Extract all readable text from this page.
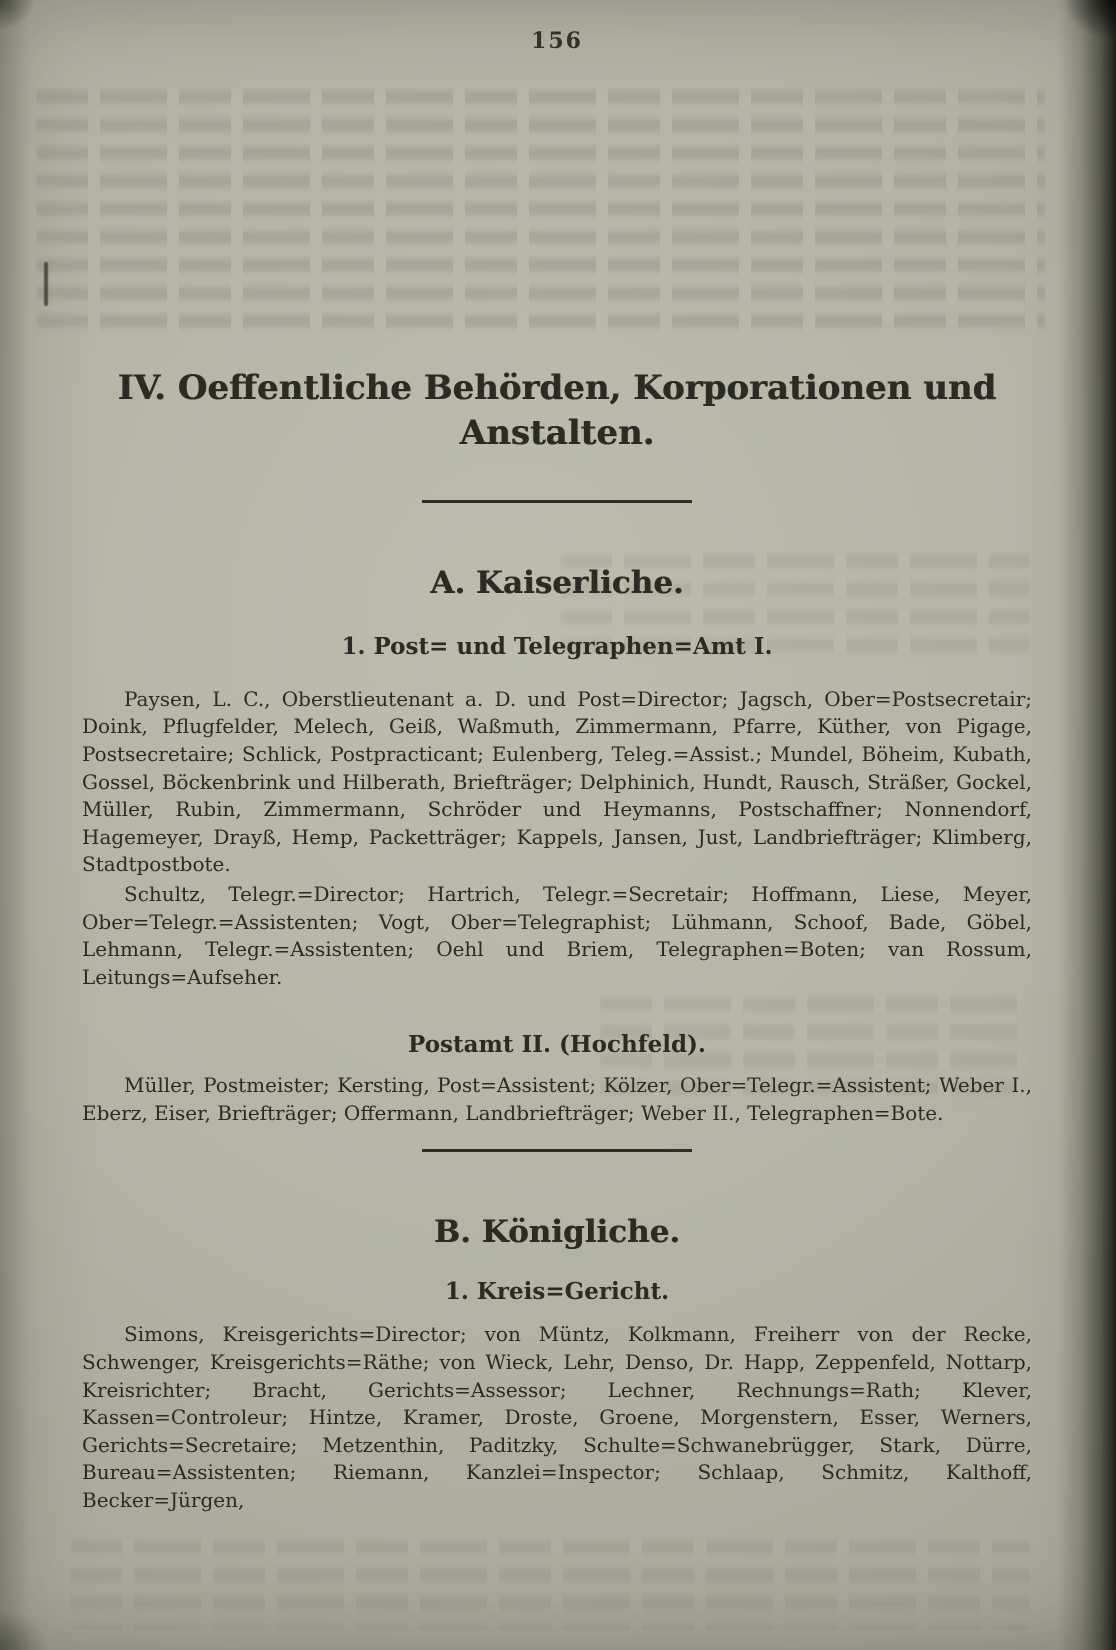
156
IV. Oeffentliche Behörden, Korporationen und Anstalten.
A. Kaiserliche.
1. Post= und Telegraphen=Amt I.

Paysen, L. C., Oberstlieutenant a. D. und Post=Director; Jagsch, Ober=Postsecretair; Doink, Pflugfelder, Melech, Geiß, Waßmuth, Zimmermann, Pfarre, Küther, von Pigage, Postsecretaire; Schlick, Postpracticant; Eulenberg, Teleg.=Assist.; Mundel, Böheim, Kubath, Gossel, Böckenbrink und Hilberath, Briefträger; Delphinich, Hundt, Rausch, Sträßer, Gockel, Müller, Rubin, Zimmermann, Schröder und Heymanns, Postschaffner; Nonnendorf, Hagemeyer, Drayß, Hemp, Packetträger; Kappels, Jansen, Just, Landbriefträger; Klimberg, Stadtpostbote.

Schultz, Telegr.=Director; Hartrich, Telegr.=Secretair; Hoffmann, Liese, Meyer, Ober=Telegr.=Assistenten; Vogt, Ober=Telegraphist; Lühmann, Schoof, Bade, Göbel, Lehmann, Telegr.=Assistenten; Oehl und Briem, Telegraphen=Boten; van Rossum, Leitungs=Aufseher.

Postamt II. (Hochfeld).

Müller, Postmeister; Kersting, Post=Assistent; Kölzer, Ober=Telegr.=Assistent; Weber I., Eberz, Eiser, Briefträger; Offermann, Landbriefträger; Weber II., Telegraphen=Bote.

B. Königliche.
1. Kreis=Gericht.

Simons, Kreisgerichts=Director; von Müntz, Kolkmann, Freiherr von der Recke, Schwenger, Kreisgerichts=Räthe; von Wieck, Lehr, Denso, Dr. Happ, Zeppenfeld, Nottarp, Kreisrichter; Bracht, Gerichts=Assessor; Lechner, Rechnungs=Rath; Klever, Kassen=Controleur; Hintze, Kramer, Droste, Groene, Morgenstern, Esser, Werners, Gerichts=Secretaire; Metzenthin, Paditzky, Schulte=Schwanebrügger, Stark, Dürre, Bureau=Assistenten; Riemann, Kanzlei=Inspector; Schlaap, Schmitz, Kalthoff, Becker=Jürgen,
